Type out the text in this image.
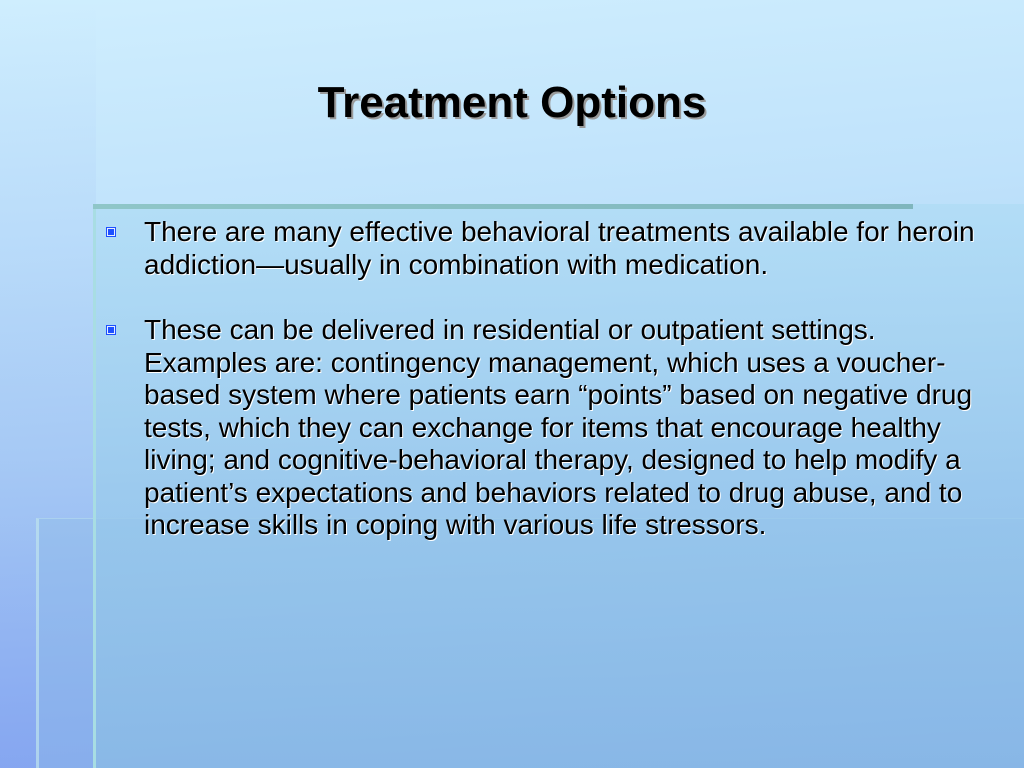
Treatment Options
There are many effective behavioral treatments available for heroin addiction—usually in combination with medication.
These can be delivered in residential or outpatient settings. Examples are: contingency management, which uses a voucher-based system where patients earn “points” based on negative drug tests, which they can exchange for items that encourage healthy living; and cognitive-behavioral therapy, designed to help modify a patient’s expectations and behaviors related to drug abuse, and to increase skills in coping with various life stressors.
